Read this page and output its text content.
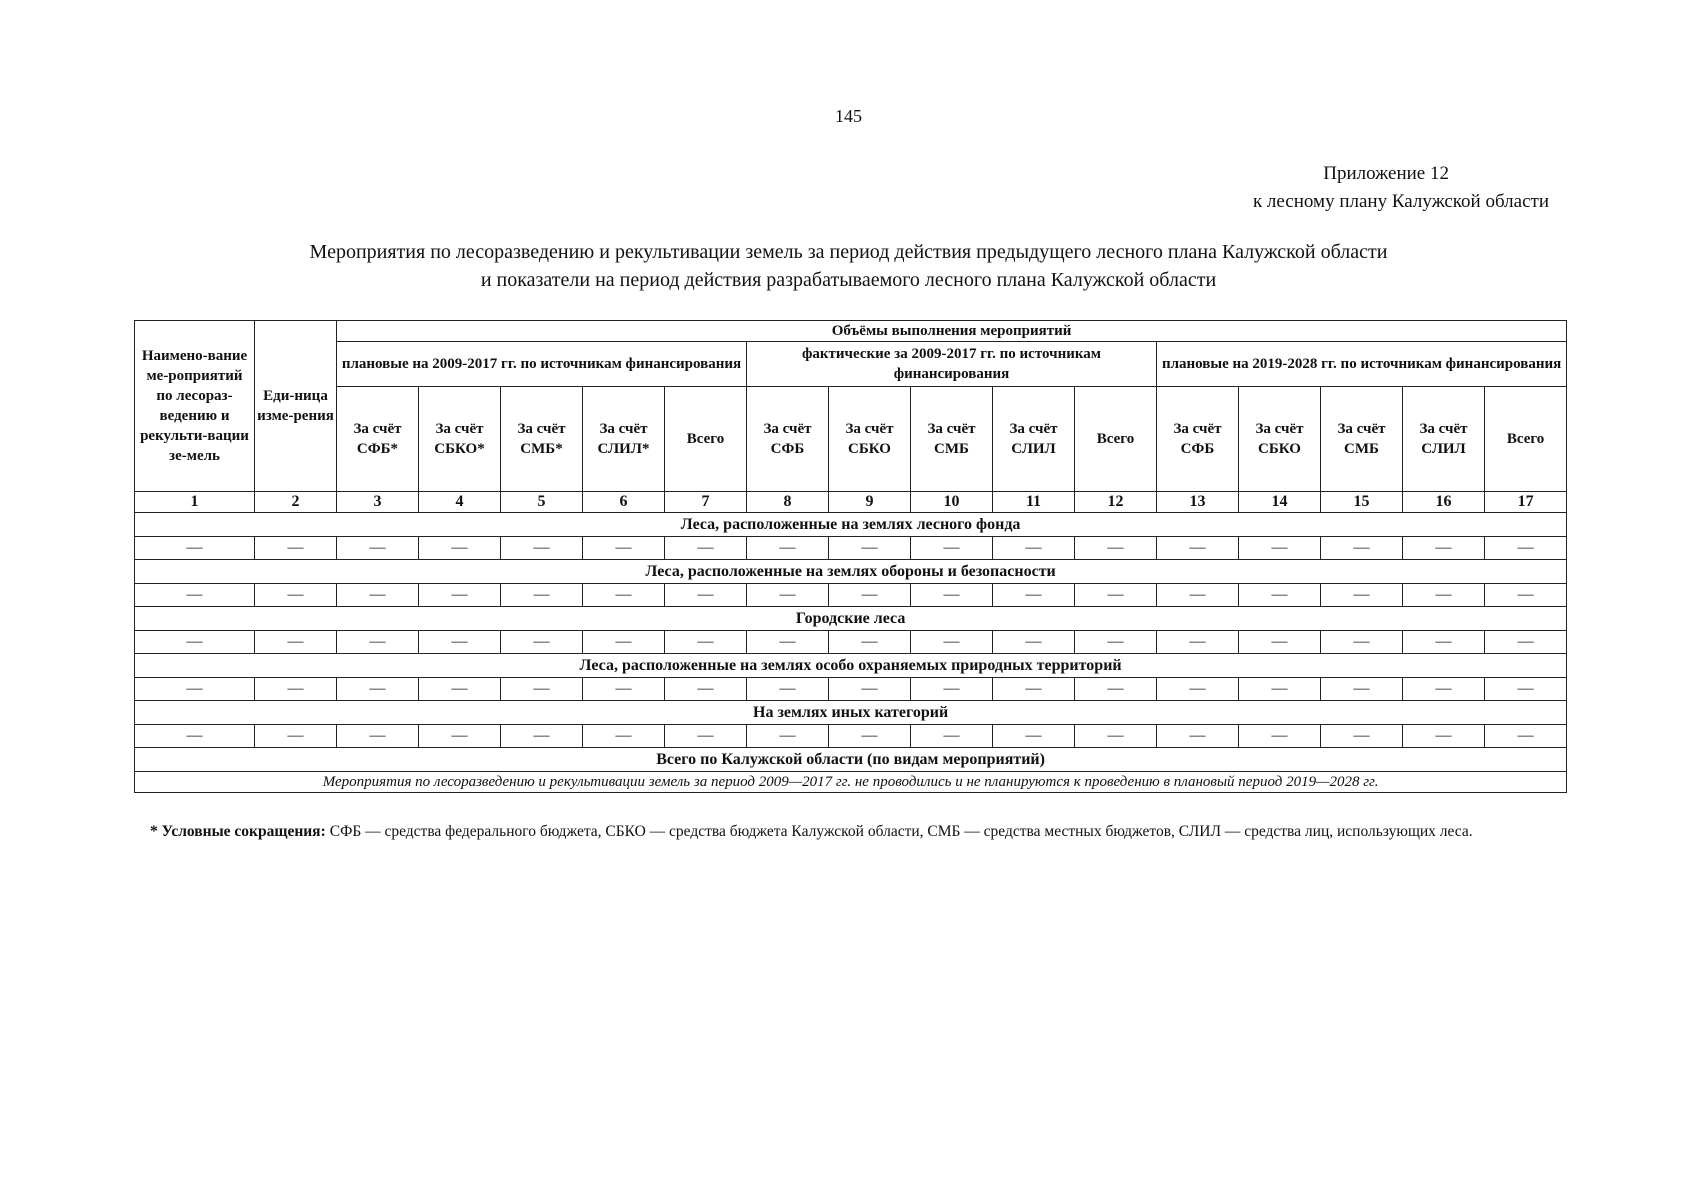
145
Приложение 12
к лесному плану Калужской области
Мероприятия по лесоразведению и рекультивации земель за период действия предыдущего лесного плана Калужской области
и показатели на период действия разрабатываемого лесного плана Калужской области
Наимено-вание ме-роприятий по лесораз-ведению и рекульти-вации зе-мель	Еди-ница изме-рения	Объёмы выполнения мероприятий														
		плановые на 2009-2017 гг. по источникам финансирования					фактические за 2009-2017 гг. по источникам финансирования					плановые на 2019-2028 гг. по источникам финансирования				
		За счёт СФБ*	За счёт СБКО*	За счёт СМБ*	За счёт СЛИЛ*	Всего	За счёт СФБ	За счёт СБКО	За счёт СМБ	За счёт СЛИЛ	Всего	За счёт СФБ	За счёт СБКО	За счёт СМБ	За счёт СЛИЛ	Всего
1	2	3	4	5	6	7	8	9	10	11	12	13	14	15	16	17
Леса, расположенные на землях лесного фонда																
—	—	—	—	—	—	—	—	—	—	—	—	—	—	—	—	—
Леса, расположенные на землях обороны и безопасности																
—	—	—	—	—	—	—	—	—	—	—	—	—	—	—	—	—
Городские леса																
—	—	—	—	—	—	—	—	—	—	—	—	—	—	—	—	—
Леса, расположенные на землях особо охраняемых природных территорий																
—	—	—	—	—	—	—	—	—	—	—	—	—	—	—	—	—
На землях иных категорий																
—	—	—	—	—	—	—	—	—	—	—	—	—	—	—	—	—
Всего по Калужской области (по видам мероприятий)																
Мероприятия по лесоразведению и рекультивации земель за период 2009—2017 гг. не проводились и не планируются к проведению в плановый период 2019—2028 гг.																
* Условные сокращения: СФБ — средства федерального бюджета, СБКО — средства бюджета Калужской области, СМБ — средства местных бюджетов, СЛИЛ — средства лиц, использующих леса.
